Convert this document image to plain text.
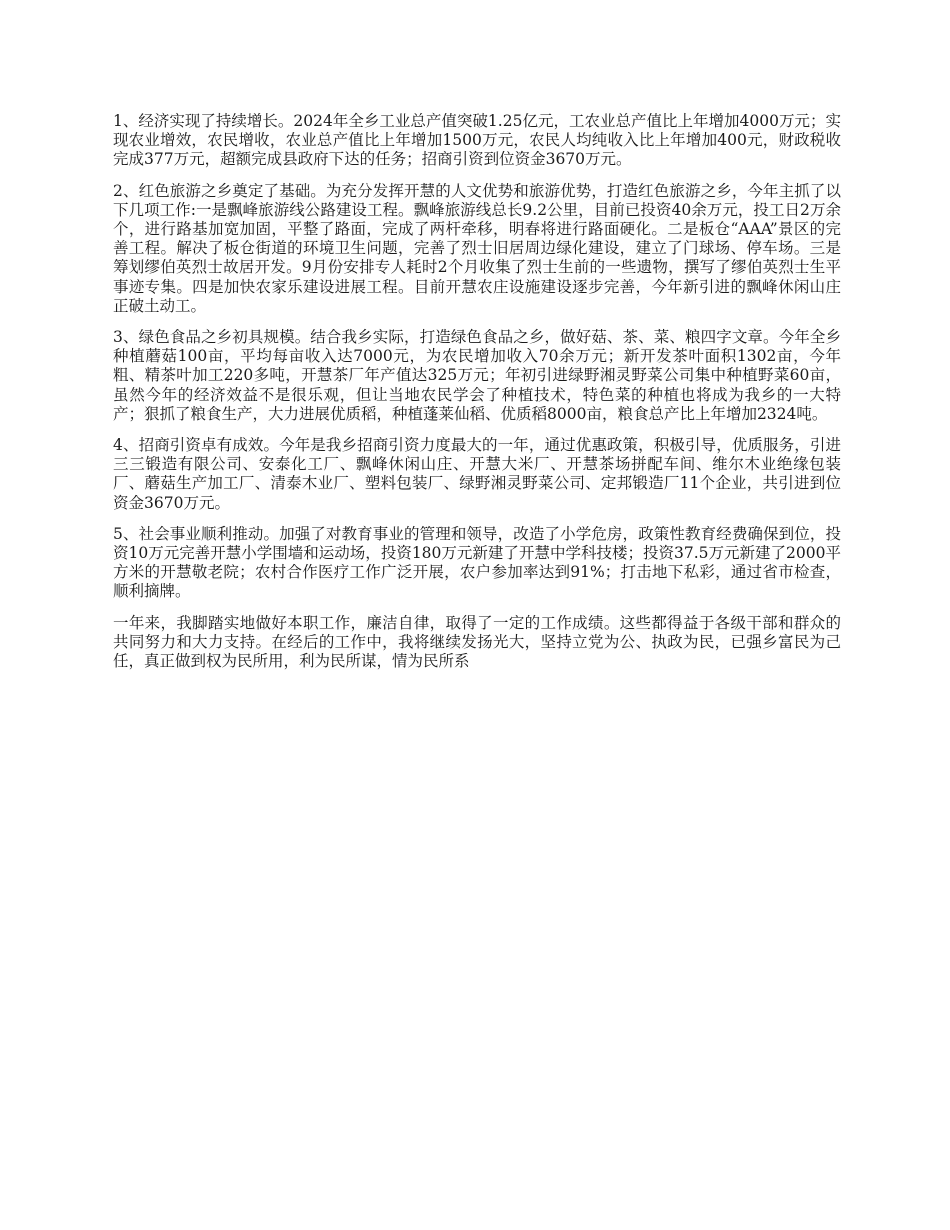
1、经济实现了持续增长。2024年全乡工业总产值突破1.25亿元，工农业总产值比上年增加4000万元；实现农业增效，农民增收，农业总产值比上年增加1500万元，农民人均纯收入比上年增加400元，财政税收完成377万元，超额完成县政府下达的任务；招商引资到位资金3670万元。

2、红色旅游之乡奠定了基础。为充分发挥开慧的人文优势和旅游优势，打造红色旅游之乡，今年主抓了以下几项工作:一是飘峰旅游线公路建设工程。飘峰旅游线总长9.2公里，目前已投资40余万元，投工日2万余个，进行路基加宽加固，平整了路面，完成了两杆牵移，明春将进行路面硬化。二是板仓“AAA”景区的完善工程。解决了板仓街道的环境卫生问题，完善了烈士旧居周边绿化建设，建立了门球场、停车场。三是筹划缪伯英烈士故居开发。9月份安排专人耗时2个月收集了烈士生前的一些遗物，撰写了缪伯英烈士生平事迹专集。四是加快农家乐建设进展工程。目前开慧农庄设施建设逐步完善，今年新引进的飘峰休闲山庄正破土动工。

3、绿色食品之乡初具规模。结合我乡实际，打造绿色食品之乡，做好菇、茶、菜、粮四字文章。今年全乡种植蘑菇100亩，平均每亩收入达7000元，为农民增加收入70余万元；新开发茶叶面积1302亩，今年粗、精茶叶加工220多吨，开慧茶厂年产值达325万元；年初引进绿野湘灵野菜公司集中种植野菜60亩，虽然今年的经济效益不是很乐观，但让当地农民学会了种植技术，特色菜的种植也将成为我乡的一大特产；狠抓了粮食生产，大力进展优质稻，种植蓬莱仙稻、优质稻8000亩，粮食总产比上年增加2324吨。

4、招商引资卓有成效。今年是我乡招商引资力度最大的一年，通过优惠政策，积极引导，优质服务，引进三三锻造有限公司、安泰化工厂、飘峰休闲山庄、开慧大米厂、开慧茶场拼配车间、维尔木业绝缘包装厂、蘑菇生产加工厂、清泰木业厂、塑料包装厂、绿野湘灵野菜公司、定邦锻造厂11个企业，共引进到位资金3670万元。

5、社会事业顺利推动。加强了对教育事业的管理和领导，改造了小学危房，政策性教育经费确保到位，投资10万元完善开慧小学围墙和运动场，投资180万元新建了开慧中学科技楼；投资37.5万元新建了2000平方米的开慧敬老院；农村合作医疗工作广泛开展，农户参加率达到91%；打击地下私彩，通过省市检查，顺利摘牌。

一年来，我脚踏实地做好本职工作，廉洁自律，取得了一定的工作成绩。这些都得益于各级干部和群众的共同努力和大力支持。在经后的工作中，我将继续发扬光大，坚持立党为公、执政为民，已强乡富民为己任，真正做到权为民所用，利为民所谋，情为民所系
